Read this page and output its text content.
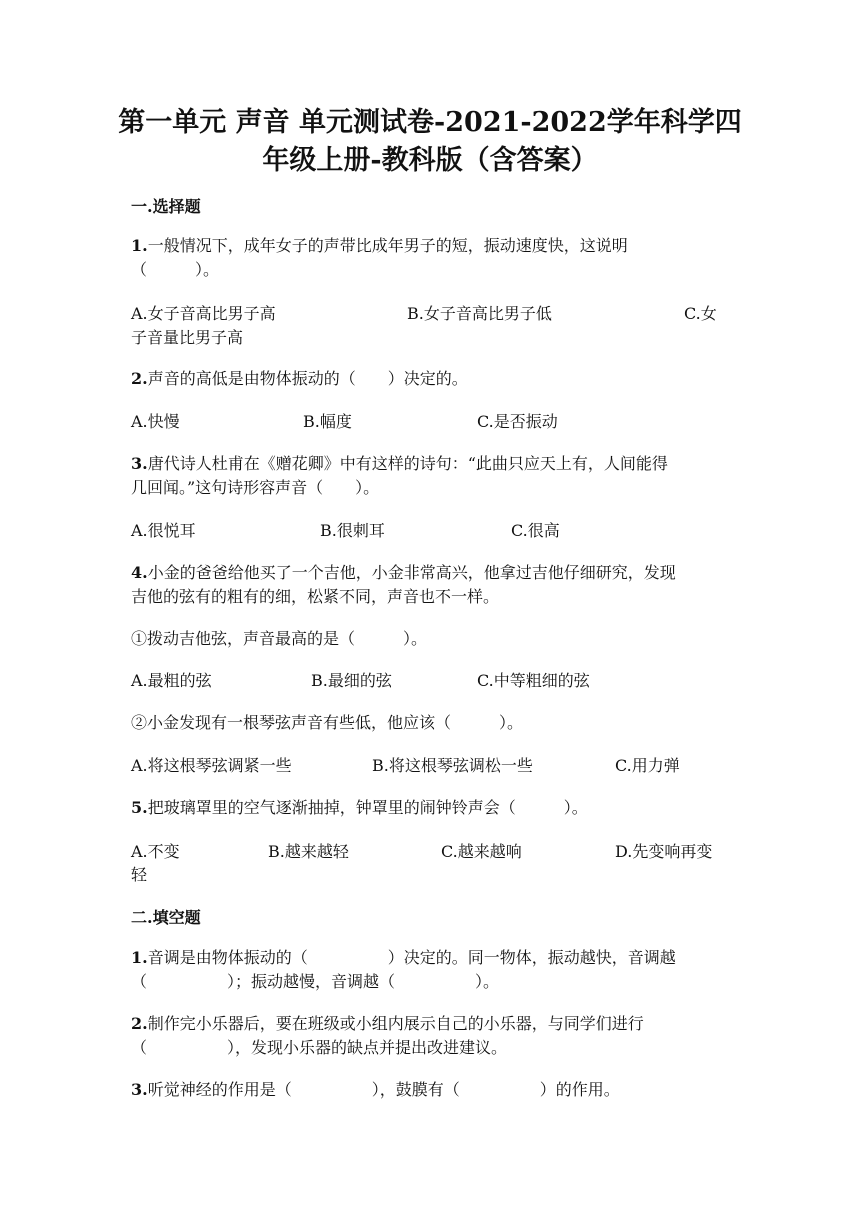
第一单元 声音 单元测试卷-2021-2022学年科学四
年级上册-教科版（含答案）
一.选择题
1.一般情况下，成年女子的声带比成年男子的短，振动速度快，这说明
（　　　）。
A.女子音高比男子高	B.女子音高比男子低	C.女
子音量比男子高
2.声音的高低是由物体振动的（　　）决定的。
A.快慢	B.幅度	C.是否振动
3.唐代诗人杜甫在《赠花卿》中有这样的诗句：“此曲只应天上有，人间能得
几回闻。”这句诗形容声音（　　）。
A.很悦耳	B.很刺耳	C.很高
4.小金的爸爸给他买了一个吉他，小金非常高兴，他拿过吉他仔细研究，发现
吉他的弦有的粗有的细，松紧不同，声音也不一样。
①拨动吉他弦，声音最高的是（　　　）。
A.最粗的弦	B.最细的弦	C.中等粗细的弦
②小金发现有一根琴弦声音有些低，他应该（　　　）。
A.将这根琴弦调紧一些	B.将这根琴弦调松一些	C.用力弹
5.把玻璃罩里的空气逐渐抽掉，钟罩里的闹钟铃声会（　　　）。
A.不变	B.越来越轻	C.越来越响	D.先变响再变
轻
二.填空题
1.音调是由物体振动的（　　　　　）决定的。同一物体，振动越快，音调越
（　　　　　）；振动越慢，音调越（　　　　　）。
2.制作完小乐器后，要在班级或小组内展示自己的小乐器，与同学们进行
（　　　　　），发现小乐器的缺点并提出改进建议。
3.听觉神经的作用是（　　　　　），鼓膜有（　　　　　）的作用。
